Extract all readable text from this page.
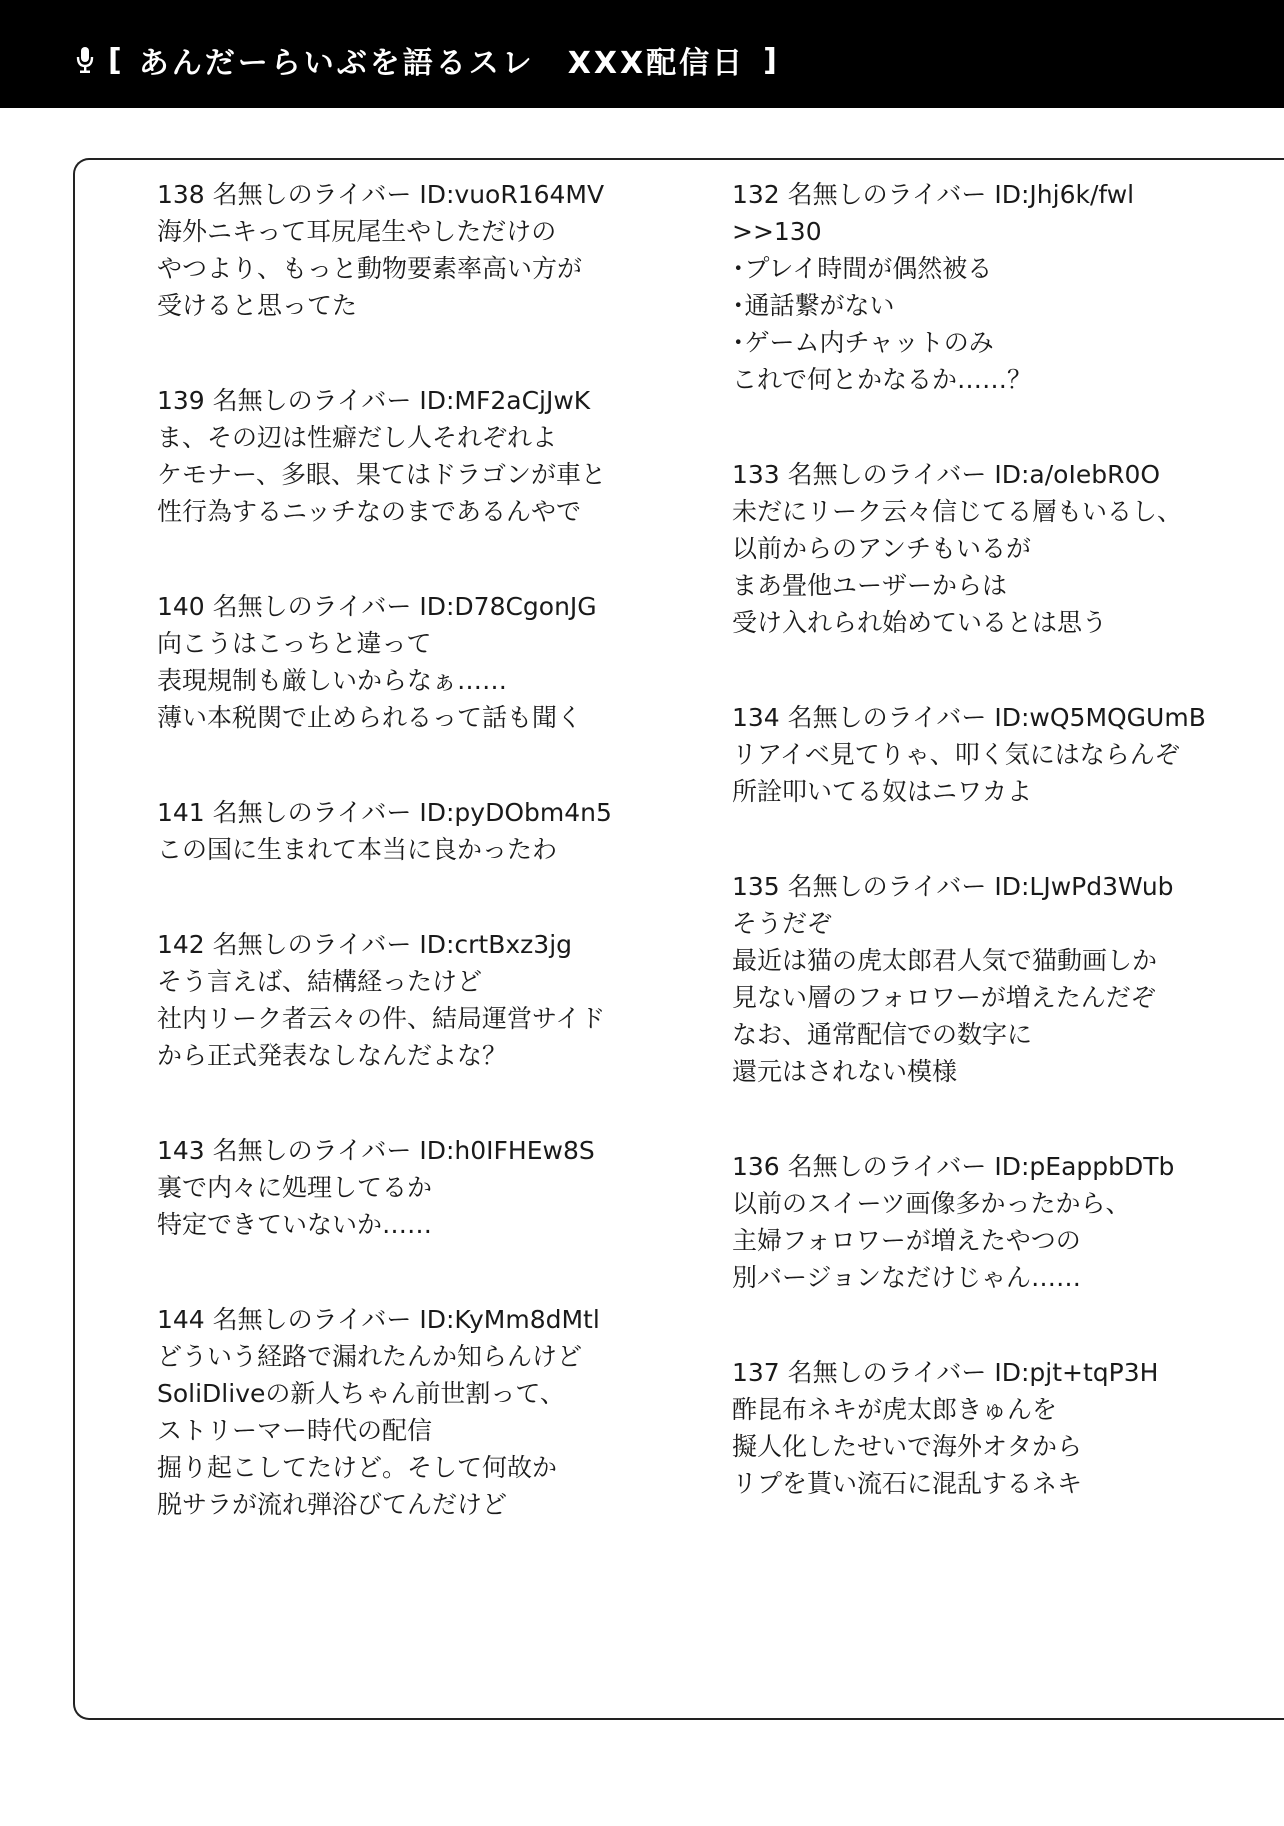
[ あんだーらいぶを語るスレ　XXX配信日 ]
138 名無しのライバー ID:vuoR164MV
海外ニキって耳尻尾生やしただけの
やつより、もっと動物要素率高い方が
受けると思ってた
139 名無しのライバー ID:MF2aCjJwK
ま、その辺は性癖だし人それぞれよ
ケモナー、多眼、果てはドラゴンが車と
性行為するニッチなのまであるんやで
140 名無しのライバー ID:D78CgonJG
向こうはこっちと違って
表現規制も厳しいからなぁ……
薄い本税関で止められるって話も聞く
141 名無しのライバー ID:pyDObm4n5
この国に生まれて本当に良かったわ
142 名無しのライバー ID:crtBxz3jg
そう言えば、結構経ったけど
社内リーク者云々の件、結局運営サイド
から正式発表なしなんだよな？
143 名無しのライバー ID:h0IFHEw8S
裏で内々に処理してるか
特定できていないか……
144 名無しのライバー ID:KyMm8dMtl
どういう経路で漏れたんか知らんけど
SoliDliveの新人ちゃん前世割って、
ストリーマー時代の配信
掘り起こしてたけど。そして何故か
脱サラが流れ弾浴びてんだけど
132 名無しのライバー ID:Jhj6k/fwl
>>130
･プレイ時間が偶然被る
･通話繋がない
･ゲーム内チャットのみ
これで何とかなるか……？
133 名無しのライバー ID:a/oIebR0O
未だにリーク云々信じてる層もいるし、
以前からのアンチもいるが
まあ畳他ユーザーからは
受け入れられ始めているとは思う
134 名無しのライバー ID:wQ5MQGUmB
リアイベ見てりゃ、叩く気にはならんぞ
所詮叩いてる奴はニワカよ
135 名無しのライバー ID:LJwPd3Wub
そうだぞ
最近は猫の虎太郎君人気で猫動画しか
見ない層のフォロワーが増えたんだぞ
なお、通常配信での数字に
還元はされない模様
136 名無しのライバー ID:pEappbDTb
以前のスイーツ画像多かったから、
主婦フォロワーが増えたやつの
別バージョンなだけじゃん……
137 名無しのライバー ID:pjt+tqP3H
酢昆布ネキが虎太郎きゅんを
擬人化したせいで海外オタから
リプを貰い流石に混乱するネキ
